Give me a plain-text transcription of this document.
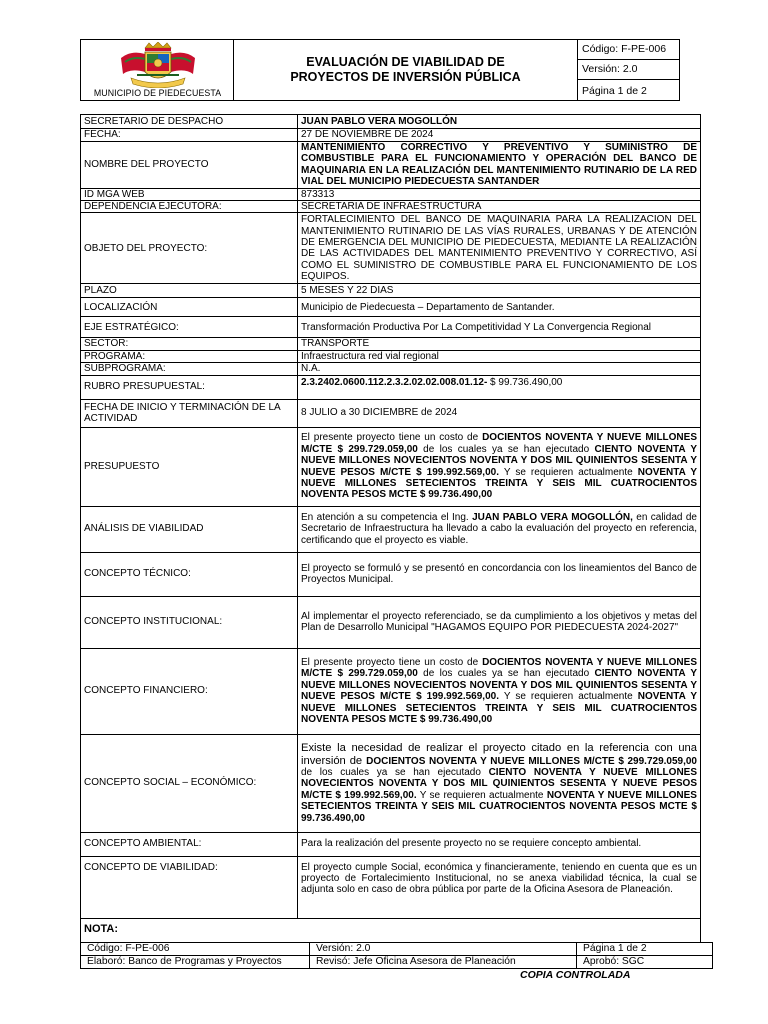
MUNICIPIO DE PIEDECUESTA
EVALUACIÓN DE VIABILIDAD DE
PROYECTOS DE INVERSIÓN PÚBLICA
Código: F-PE-006
Versión: 2.0
Página 1 de 2
SECRETARIO DE DESPACHO	JUAN PABLO VERA MOGOLLÓN
FECHA:	27 DE NOVIEMBRE DE 2024
NOMBRE DEL PROYECTO	MANTENIMIENTO CORRECTIVO Y PREVENTIVO Y SUMINISTRO DE COMBUSTIBLE PARA EL FUNCIONAMIENTO Y OPERACIÓN DEL BANCO DE MAQUINARIA EN LA REALIZACIÓN DEL MANTENIMIENTO RUTINARIO DE LA RED VIAL DEL MUNICIPIO PIEDECUESTA SANTANDER
ID MGA WEB	873313
DEPENDENCIA EJECUTORA:	SECRETARIA DE INFRAESTRUCTURA
OBJETO DEL PROYECTO:	FORTALECIMIENTO DEL BANCO DE MAQUINARIA PARA LA REALIZACION DEL MANTENIMIENTO RUTINARIO DE LAS VÍAS RURALES, URBANAS Y DE ATENCIÓN DE EMERGENCIA DEL MUNICIPIO DE PIEDECUESTA, MEDIANTE LA REALIZACIÓN DE LAS ACTIVIDADES DEL MANTENIMIENTO PREVENTIVO Y CORRECTIVO, ASÍ COMO EL SUMINISTRO DE COMBUSTIBLE PARA EL FUNCIONAMIENTO DE LOS EQUIPOS.
PLAZO	5 MESES Y 22 DIAS
LOCALIZACIÓN	Municipio de Piedecuesta – Departamento de Santander.
EJE ESTRATÉGICO:	Transformación Productiva Por La Competitividad Y La Convergencia Regional
SECTOR:	TRANSPORTE
PROGRAMA:	Infraestructura red vial regional
SUBPROGRAMA:	N.A.
RUBRO PRESUPUESTAL:	2.3.2402.0600.112.2.3.2.02.02.008.01.12- $ 99.736.490,00
FECHA DE INICIO Y TERMINACIÓN DE LA ACTIVIDAD	8 JULIO a 30 DICIEMBRE de 2024
PRESUPUESTO	El presente proyecto tiene un costo de DOCIENTOS NOVENTA Y NUEVE MILLONES M/CTE $ 299.729.059,00 de los cuales ya se han ejecutado CIENTO NOVENTA Y NUEVE MILLONES NOVECIENTOS NOVENTA Y DOS MIL QUINIENTOS SESENTA Y NUEVE PESOS M/CTE $ 199.992.569,00. Y se requieren actualmente NOVENTA Y NUEVE MILLONES SETECIENTOS TREINTA Y SEIS MIL CUATROCIENTOS NOVENTA PESOS MCTE $ 99.736.490,00
ANÁLISIS DE VIABILIDAD	En atención a su competencia el Ing. JUAN PABLO VERA MOGOLLÓN, en calidad de Secretario de Infraestructura ha llevado a cabo la evaluación del proyecto en referencia, certificando que el proyecto es viable.
CONCEPTO TÉCNICO:	El proyecto se formuló y se presentó en concordancia con los lineamientos del Banco de Proyectos Municipal.
CONCEPTO INSTITUCIONAL:	Al implementar el proyecto referenciado, se da cumplimiento a los objetivos y metas del Plan de Desarrollo Municipal "HAGAMOS EQUIPO POR PIEDECUESTA 2024-2027"
CONCEPTO FINANCIERO:	El presente proyecto tiene un costo de DOCIENTOS NOVENTA Y NUEVE MILLONES M/CTE $ 299.729.059,00 de los cuales ya se han ejecutado CIENTO NOVENTA Y NUEVE MILLONES NOVECIENTOS NOVENTA Y DOS MIL QUINIENTOS SESENTA Y NUEVE PESOS M/CTE $ 199.992.569,00. Y se requieren actualmente NOVENTA Y NUEVE MILLONES SETECIENTOS TREINTA Y SEIS MIL CUATROCIENTOS NOVENTA PESOS MCTE $ 99.736.490,00
CONCEPTO SOCIAL – ECONÓMICO:	Existe la necesidad de realizar el proyecto citado en la referencia con una inversión de DOCIENTOS NOVENTA Y NUEVE MILLONES M/CTE $ 299.729.059,00 de los cuales ya se han ejecutado CIENTO NOVENTA Y NUEVE MILLONES NOVECIENTOS NOVENTA Y DOS MIL QUINIENTOS SESENTA Y NUEVE PESOS M/CTE $ 199.992.569,00. Y se requieren actualmente NOVENTA Y NUEVE MILLONES SETECIENTOS TREINTA Y SEIS MIL CUATROCIENTOS NOVENTA PESOS MCTE $ 99.736.490,00
CONCEPTO AMBIENTAL:	Para la realización del presente proyecto no se requiere concepto ambiental.
CONCEPTO DE VIABILIDAD:	El proyecto cumple Social, económica y financieramente, teniendo en cuenta que es un proyecto de Fortalecimiento Institucional, no se anexa viabilidad técnica, la cual se adjunta solo en caso de obra pública por parte de la Oficina Asesora de Planeación.
NOTA:	
Código: F-PE-006	Versión: 2.0	Página 1 de 2
Elaboró: Banco de Programas y Proyectos	Revisó: Jefe Oficina Asesora de Planeación	Aprobó: SGC
COPIA CONTROLADA
